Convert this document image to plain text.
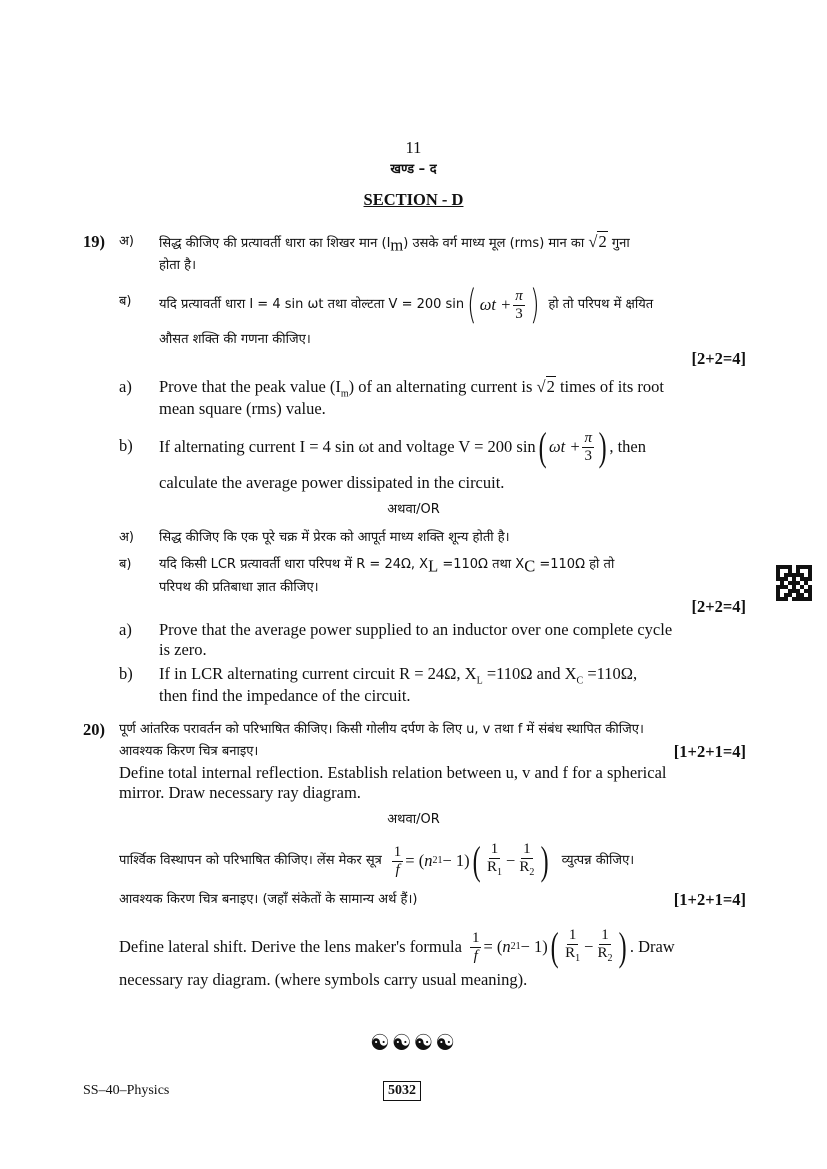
11
खण्ड – द
SECTION - D
19) अ) सिद्ध कीजिए की प्रत्यावर्ती धारा का शिखर मान $(I_m)$ उसके वर्ग माध्य मूल (rms) मान का √2 गुना
होता है।
ब) यदि प्रत्यावर्ती धारा I = 4 sin ωt तथा वोल्टता V = 200 sin ( $\omega t + \frac{\pi}{3}$ ) हो तो परिपथ में क्षयित
औसत शक्ति की गणना कीजिए।
[2+2=4]
a) Prove that the peak value $(I_m)$ of an alternating current is √2 times of its root
mean square (rms) value.
b) If alternating current I = 4 sin ωt and voltage V = 200 sin ( $\omega t + \frac{\pi}{3}$ ) , then
calculate the average power dissipated in the circuit.
अथवा/OR
अ) सिद्ध कीजिए कि एक पूरे चक्र में प्रेरक को आपूर्त माध्य शक्ति शून्य होती है।
ब) यदि किसी LCR प्रत्यावर्ती धारा परिपथ में R = 24Ω, $X_L =110\Omega$ तथा $X_C =110\Omega$ हो तो
परिपथ की प्रतिबाधा ज्ञात कीजिए।
[2+2=4]
a) Prove that the average power supplied to an inductor over one complete cycle
is zero.
b) If in LCR alternating current circuit R = 24Ω, $X_L =110\Omega$ and $X_C =110\Omega$,
then find the impedance of the circuit.
20) पूर्ण आंतरिक परावर्तन को परिभाषित कीजिए। किसी गोलीय दर्पण के लिए u, v तथा f में संबंध स्थापित कीजिए।
आवश्यक किरण चित्र बनाइए।	[1+2+1=4]
Define total internal reflection. Establish relation between u, v and f for a spherical
mirror. Draw necessary ray diagram.
अथवा/OR
पार्श्विक विस्थापन को परिभाषित कीजिए। लेंस मेकर सूत्र $\frac{1}{f}$ = ( n 21 − 1) ( $\frac{1}{R_1} - \frac{1}{R_2}$ ) व्युत्पन्न कीजिए।
आवश्यक किरण चित्र बनाइए। (जहाँ संकेतों के सामान्य अर्थ हैं।)	[1+2+1=4]
Define lateral shift. Derive the lens maker's formula $\frac{1}{f}$ = ( n 21 − 1) ( $\frac{1}{R_1} - \frac{1}{R_2}$ ) . Draw
necessary ray diagram. (where symbols carry usual meaning).
☯☯☯☯
SS–40–Physics	5032
